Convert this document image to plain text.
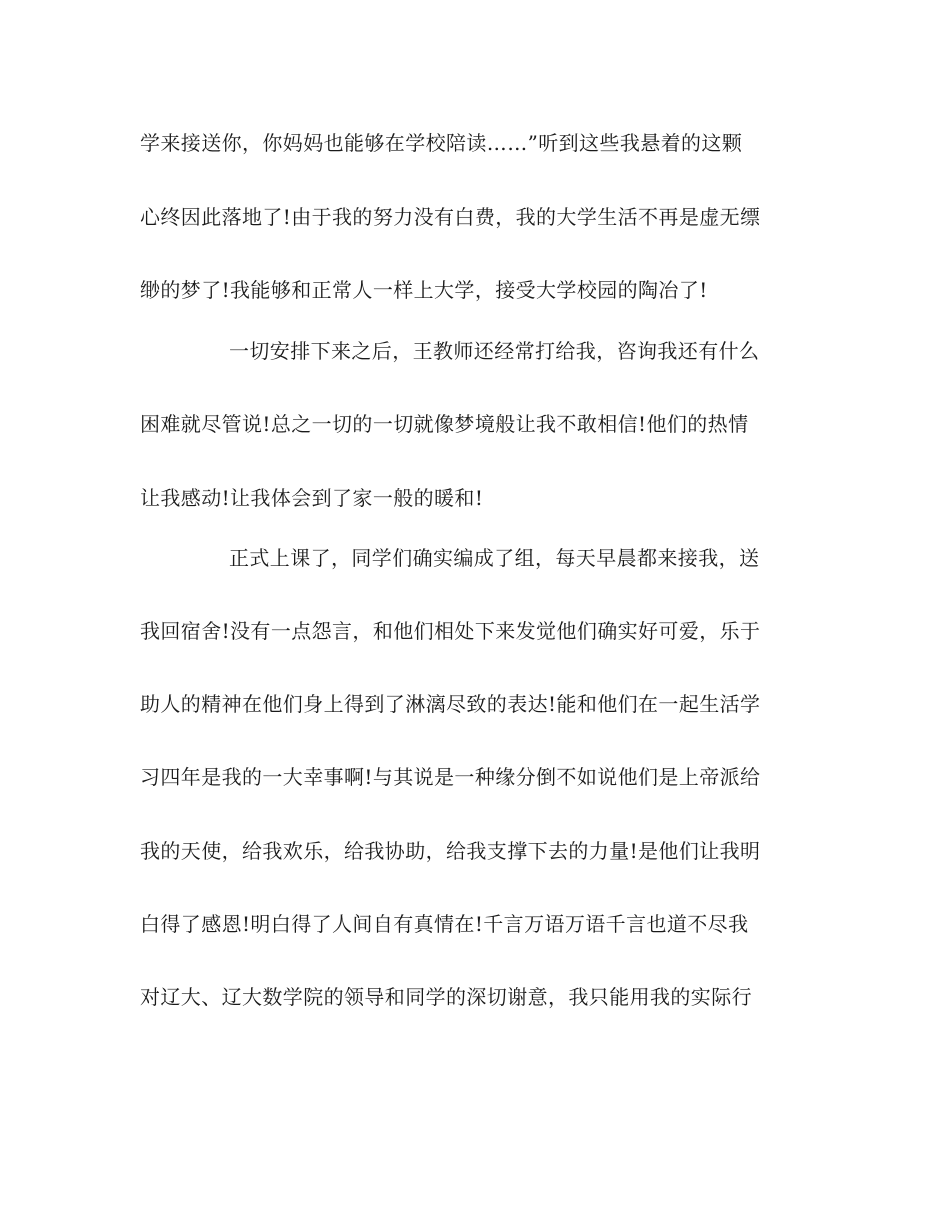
学来接送你，你妈妈也能够在学校陪读……”听到这些我悬着的这颗
心终因此落地了!由于我的努力没有白费，我的大学生活不再是虚无缥
缈的梦了!我能够和正常人一样上大学，接受大学校园的陶冶了!
一切安排下来之后，王教师还经常打给我，咨询我还有什么
困难就尽管说!总之一切的一切就像梦境般让我不敢相信!他们的热情
让我感动!让我体会到了家一般的暖和!
正式上课了，同学们确实编成了组，每天早晨都来接我，送
我回宿舍!没有一点怨言，和他们相处下来发觉他们确实好可爱，乐于
助人的精神在他们身上得到了淋漓尽致的表达!能和他们在一起生活学
习四年是我的一大幸事啊!与其说是一种缘分倒不如说他们是上帝派给
我的天使，给我欢乐，给我协助，给我支撑下去的力量!是他们让我明
白得了感恩!明白得了人间自有真情在!千言万语万语千言也道不尽我
对辽大、辽大数学院的领导和同学的深切谢意，我只能用我的实际行
